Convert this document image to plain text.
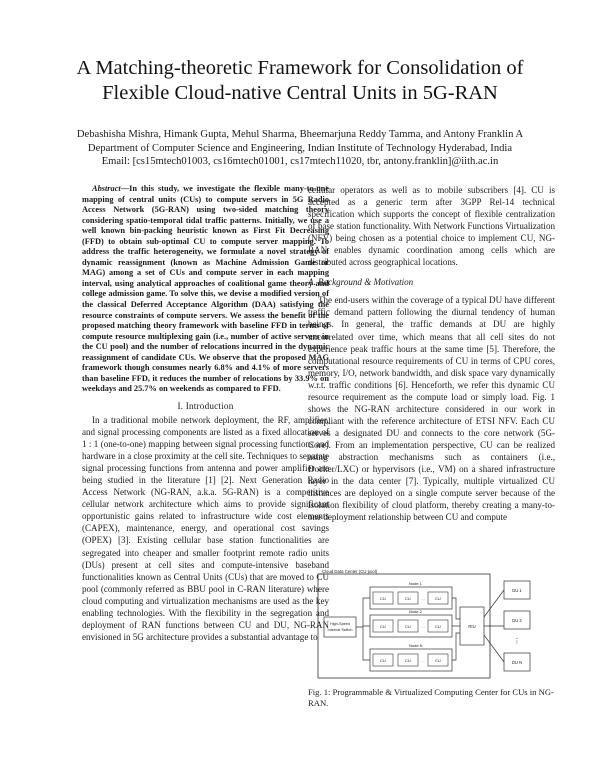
A Matching-theoretic Framework for Consolidation of
Flexible Cloud-native Central Units in 5G-RAN
Debashisha Mishra, Himank Gupta, Mehul Sharma, Bheemarjuna Reddy Tamma, and Antony Franklin A
Department of Computer Science and Engineering, Indian Institute of Technology Hyderabad, India
Email: [cs15mtech01003, cs16mtech01001, cs17mtech11020, tbr, antony.franklin]@iith.ac.in

Abstract—In this study, we investigate the flexible many-to-one mapping of central units (CUs) to compute servers in 5G Radio Access Network (5G-RAN) using two-sided matching theory considering spatio-temporal tidal traffic patterns. Initially, we use a well known bin-packing heuristic known as First Fit Decreasing (FFD) to obtain sub-optimal CU to compute server mapping. To address the traffic heterogeneity, we formulate a novel strategy of dynamic reassignment (known as Machine Admission Game or MAG) among a set of CUs and compute server in each mapping interval, using analytical approaches of coalitional game theory and college admission game. To solve this, we devise a modified version of the classical Deferred Acceptance Algorithm (DAA) satisfying the resource constraints of compute servers. We assess the benefit of the proposed matching theory framework with baseline FFD in terms of compute resource multiplexing gain (i.e., number of active servers in the CU pool) and the number of relocations incurred in the dynamic reassignment of candidate CUs. We observe that the proposed MAG framework though consumes nearly 6.8% and 4.1% of more servers than baseline FFD, it reduces the number of relocations by 33.9% on weekdays and 25.7% on weekends as compared to FFD.

I. Introduction

In a traditional mobile network deployment, the RF, amplifier, and signal processing components are listed as a fixed allocation of 1 : 1 (one-to-one) mapping between signal processing functions and hardware in a close proximity at the cell site. Techniques to separate signal processing functions from antenna and power amplifier are being studied in the literature [1] [2]. Next Generation Radio Access Network (NG-RAN, a.k.a. 5G-RAN) is a competitive cellular network architecture which aims to provide significant opportunistic gains related to infrastructure wide cost elements (CAPEX), maintenance, energy, and operational cost savings (OPEX) [3]. Existing cellular base station functionalities are segregated into cheaper and smaller footprint remote radio units (DUs) present at cell sites and compute-intensive baseband functionalities known as Central Units (CUs) that are moved to CU pool (commonly referred as BBU pool in C-RAN literature) where cloud computing and virtualization mechanisms are used as the key enabling technologies. With the flexibility in the segregation and deployment of RAN functions between CU and DU, NG-RAN envisioned in 5G architecture provides a substantial advantage to

cellular operators as well as to mobile subscribers [4]. CU is accepted as a generic term after 3GPP Rel-14 technical specification which supports the concept of flexible centralization of base station functionality. With Network Functions Virtualization (NFV) being chosen as a potential choice to implement CU, NG-RAN enables dynamic coordination among cells which are distributed across geographical locations.

A. Background & Motivation

The end-users within the coverage of a typical DU have different traffic demand pattern following the diurnal tendency of human beings. In general, the traffic demands at DU are highly uncorrelated over time, which means that all cell sites do not experience peak traffic hours at the same time [5]. Therefore, the computational resource requirements of CU in terms of CPU cores, memory, I/O, network bandwidth, and disk space vary dynamically w.r.t. traffic conditions [6]. Henceforth, we refer this dynamic CU resource requirement as the compute load or simply load. Fig. 1 shows the NG-RAN architecture considered in our work in compliant with the reference architecture of ETSI NFV. Each CU serves a designated DU and connects to the core network (5G-Core). From an implementation perspective, CU can be realized using abstraction mechanisms such as containers (i.e., Docker/LXC) or hypervisors (i.e., VM) on a shared infrastructure layer in the data center [7]. Typically, multiple virtualized CU instances are deployed on a single compute server because of the isolation flexibility of cloud platform, thereby creating a many-to-one deployment relationship between CU and compute

Cloud Data Center (CU pool)
Node 1
CU	CU	CU
…
Node 2
CU	CU	CU
…
Node N
CU	CU	CU
…
High-Speed
Internal Switch
RIU
DU 1
DU 2
⋮
DU N
Fig. 1: Programmable & Virtualized Computing Center for CUs in NG-RAN.
